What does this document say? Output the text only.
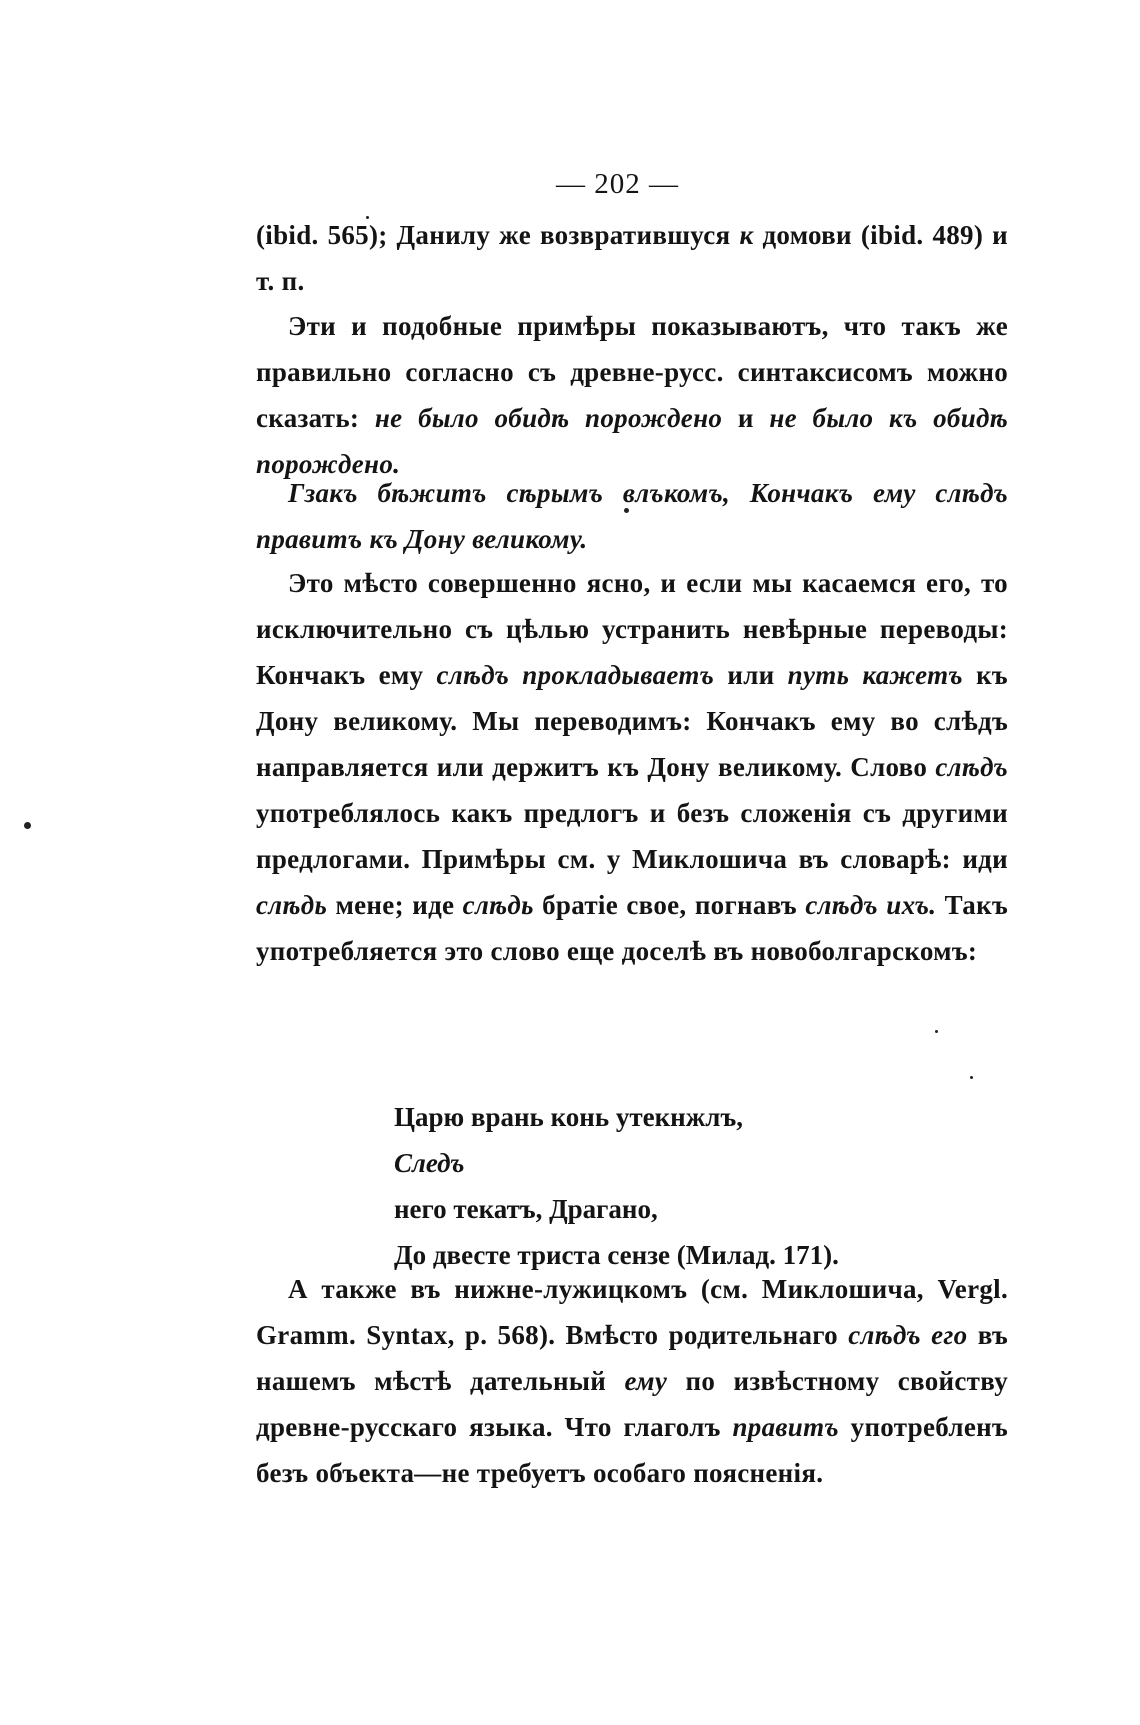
— 202 —
(ibid. 565); Данилу же возвратившуся к домови (ibid. 489) и т. п.
Эти и подобные примѣры показываютъ, что такъ же правильно согласно съ древне-русс. синтаксисомъ можно сказать: не было обидѣ порождено и не было къ обидѣ порождено.
Гзакъ бѣжитъ сѣрымъ влъкомъ, Кончакъ ему слѣдъ правитъ къ Дону великому.
Это мѣсто совершенно ясно, и если мы касаемся его, то исключительно съ цѣлью устранить невѣрные переводы: Кончакъ ему слѣдъ прокладываетъ или путь кажетъ къ Дону великому. Мы переводимъ: Кончакъ ему во слѣдъ направляется или держитъ къ Дону великому. Слово слѣдъ употреблялось какъ предлогъ и безъ сложенія съ другими предлогами. Примѣры см. у Миклошича въ словарѣ: иди слѣдь мене; иде слѣдь братіе свое, погнавъ слѣдъ ихъ. Такъ употребляется это слово еще доселѣ въ новоболгарскомъ:
Царю врань конь утекнжлъ,
Следъ
него текатъ, Драгано,
До двесте триста сензе (Милад. 171).
А также въ нижне-лужицкомъ (см. Миклошича, Vergl. Gramm. Syntax, p. 568). Вмѣсто родительнаго слѣдъ его въ нашемъ мѣстѣ дательный ему по извѣстному свойству древне-русскаго языка. Что глаголъ правитъ употребленъ безъ объекта—не требуетъ особаго поясненія.
